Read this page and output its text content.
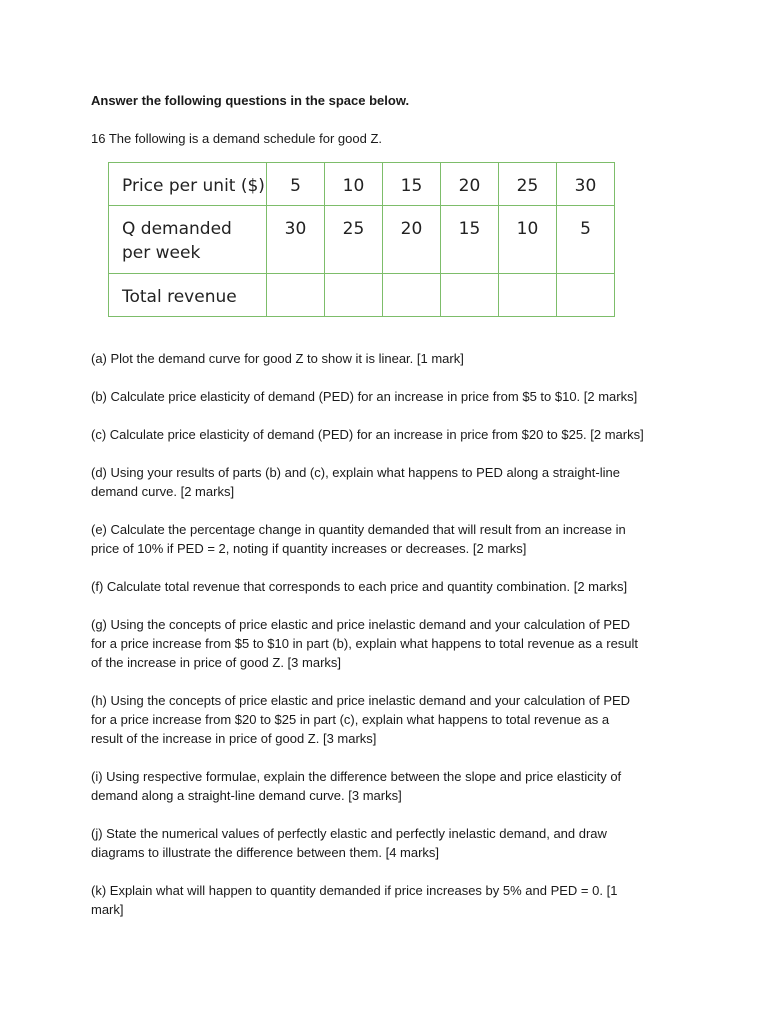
Answer the following questions in the space below.

16 The following is a demand schedule for good Z.

Price per unit ($)	5	10	15	20	25	30
Q demanded
per week	30	25	20	15	10	5
Total revenue						

(a) Plot the demand curve for good Z to show it is linear. [1 mark]

(b) Calculate price elasticity of demand (PED) for an increase in price from $5 to $10. [2 marks]

(c) Calculate price elasticity of demand (PED) for an increase in price from $20 to $25. [2 marks]

(d) Using your results of parts (b) and (c), explain what happens to PED along a straight-line
demand curve. [2 marks]

(e) Calculate the percentage change in quantity demanded that will result from an increase in
price of 10% if PED = 2, noting if quantity increases or decreases. [2 marks]

(f) Calculate total revenue that corresponds to each price and quantity combination. [2 marks]

(g) Using the concepts of price elastic and price inelastic demand and your calculation of PED
for a price increase from $5 to $10 in part (b), explain what happens to total revenue as a result
of the increase in price of good Z. [3 marks]

(h) Using the concepts of price elastic and price inelastic demand and your calculation of PED
for a price increase from $20 to $25 in part (c), explain what happens to total revenue as a
result of the increase in price of good Z. [3 marks]

(i) Using respective formulae, explain the difference between the slope and price elasticity of
demand along a straight-line demand curve. [3 marks]

(j) State the numerical values of perfectly elastic and perfectly inelastic demand, and draw
diagrams to illustrate the difference between them. [4 marks]

(k) Explain what will happen to quantity demanded if price increases by 5% and PED = 0. [1
mark]
